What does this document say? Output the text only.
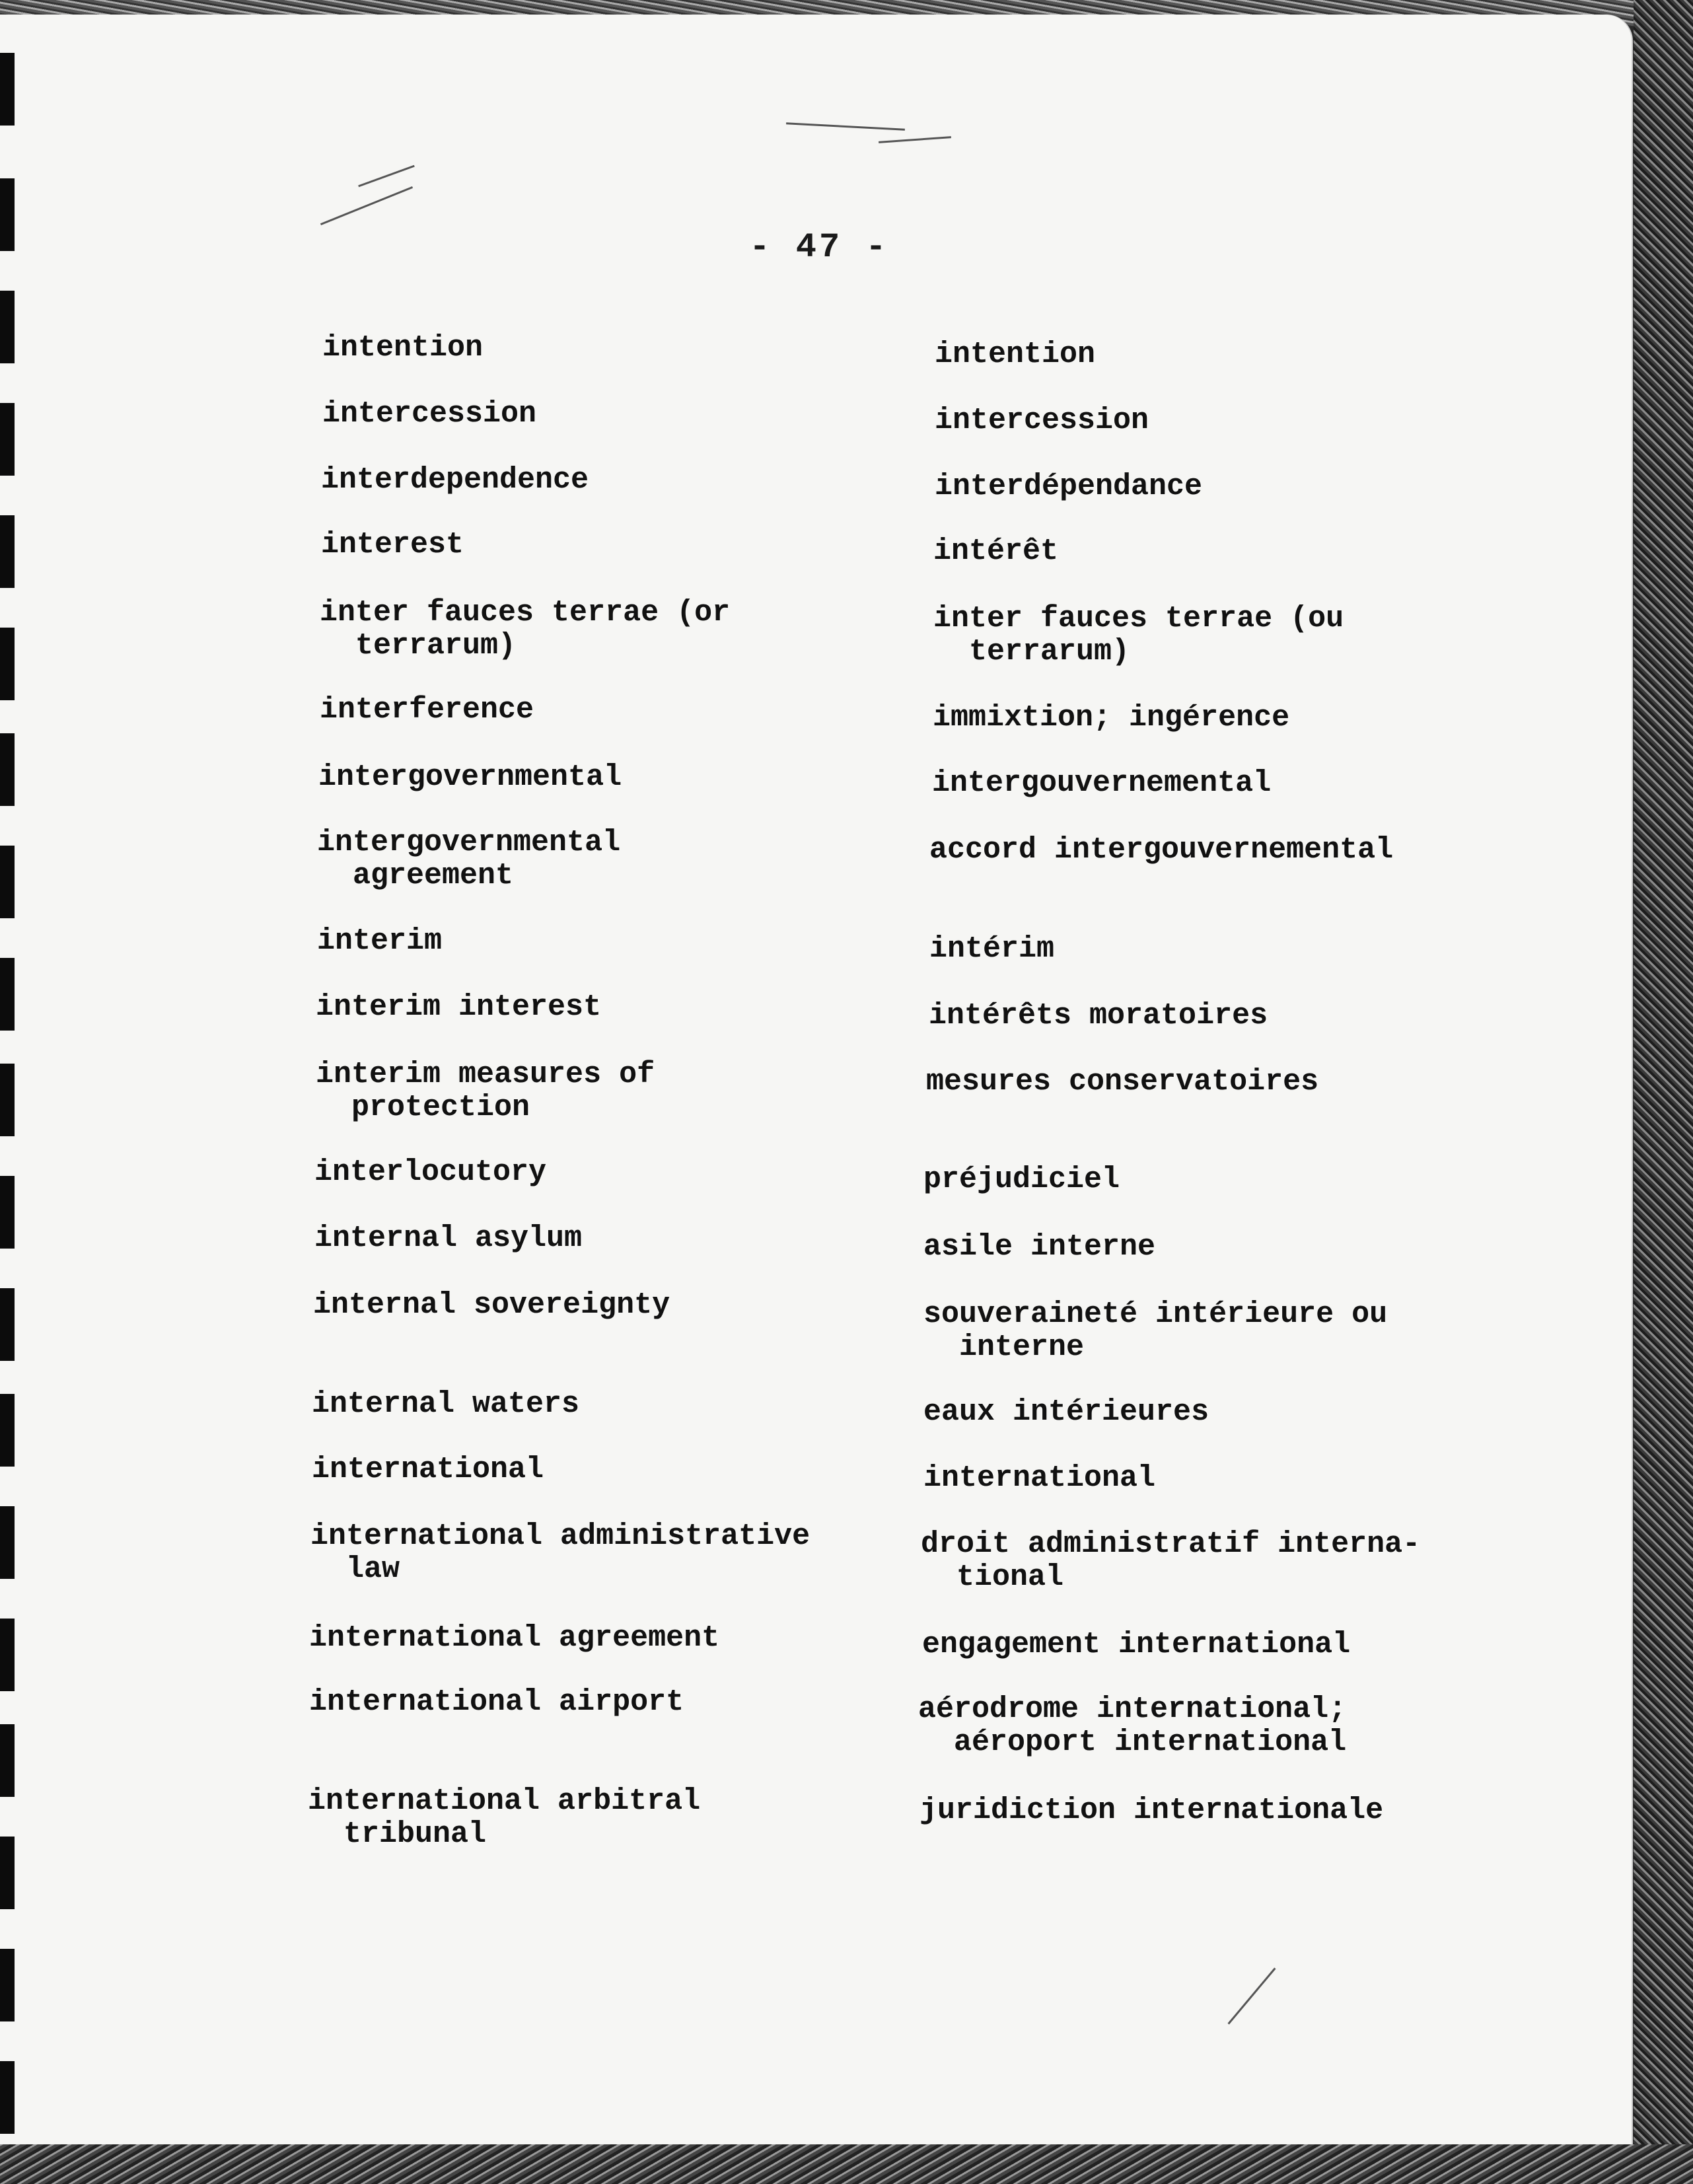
- 47 -
intention
intercession
interdependence
interest
inter fauces terrae (or
terrarum)
interference
intergovernmental
intergovernmental
agreement
interim
interim interest
interim measures of
protection
interlocutory
internal asylum
internal sovereignty
internal waters
international
international administrative
law
international agreement
international airport
international arbitral
tribunal
intention
intercession
interdépendance
intérêt
inter fauces terrae (ou
terrarum)
immixtion; ingérence
intergouvernemental
accord intergouvernemental
intérim
intérêts moratoires
mesures conservatoires
préjudiciel
asile interne
souveraineté intérieure ou
interne
eaux intérieures
international
droit administratif interna-
tional
engagement international
aérodrome international;
aéroport international
juridiction internationale
